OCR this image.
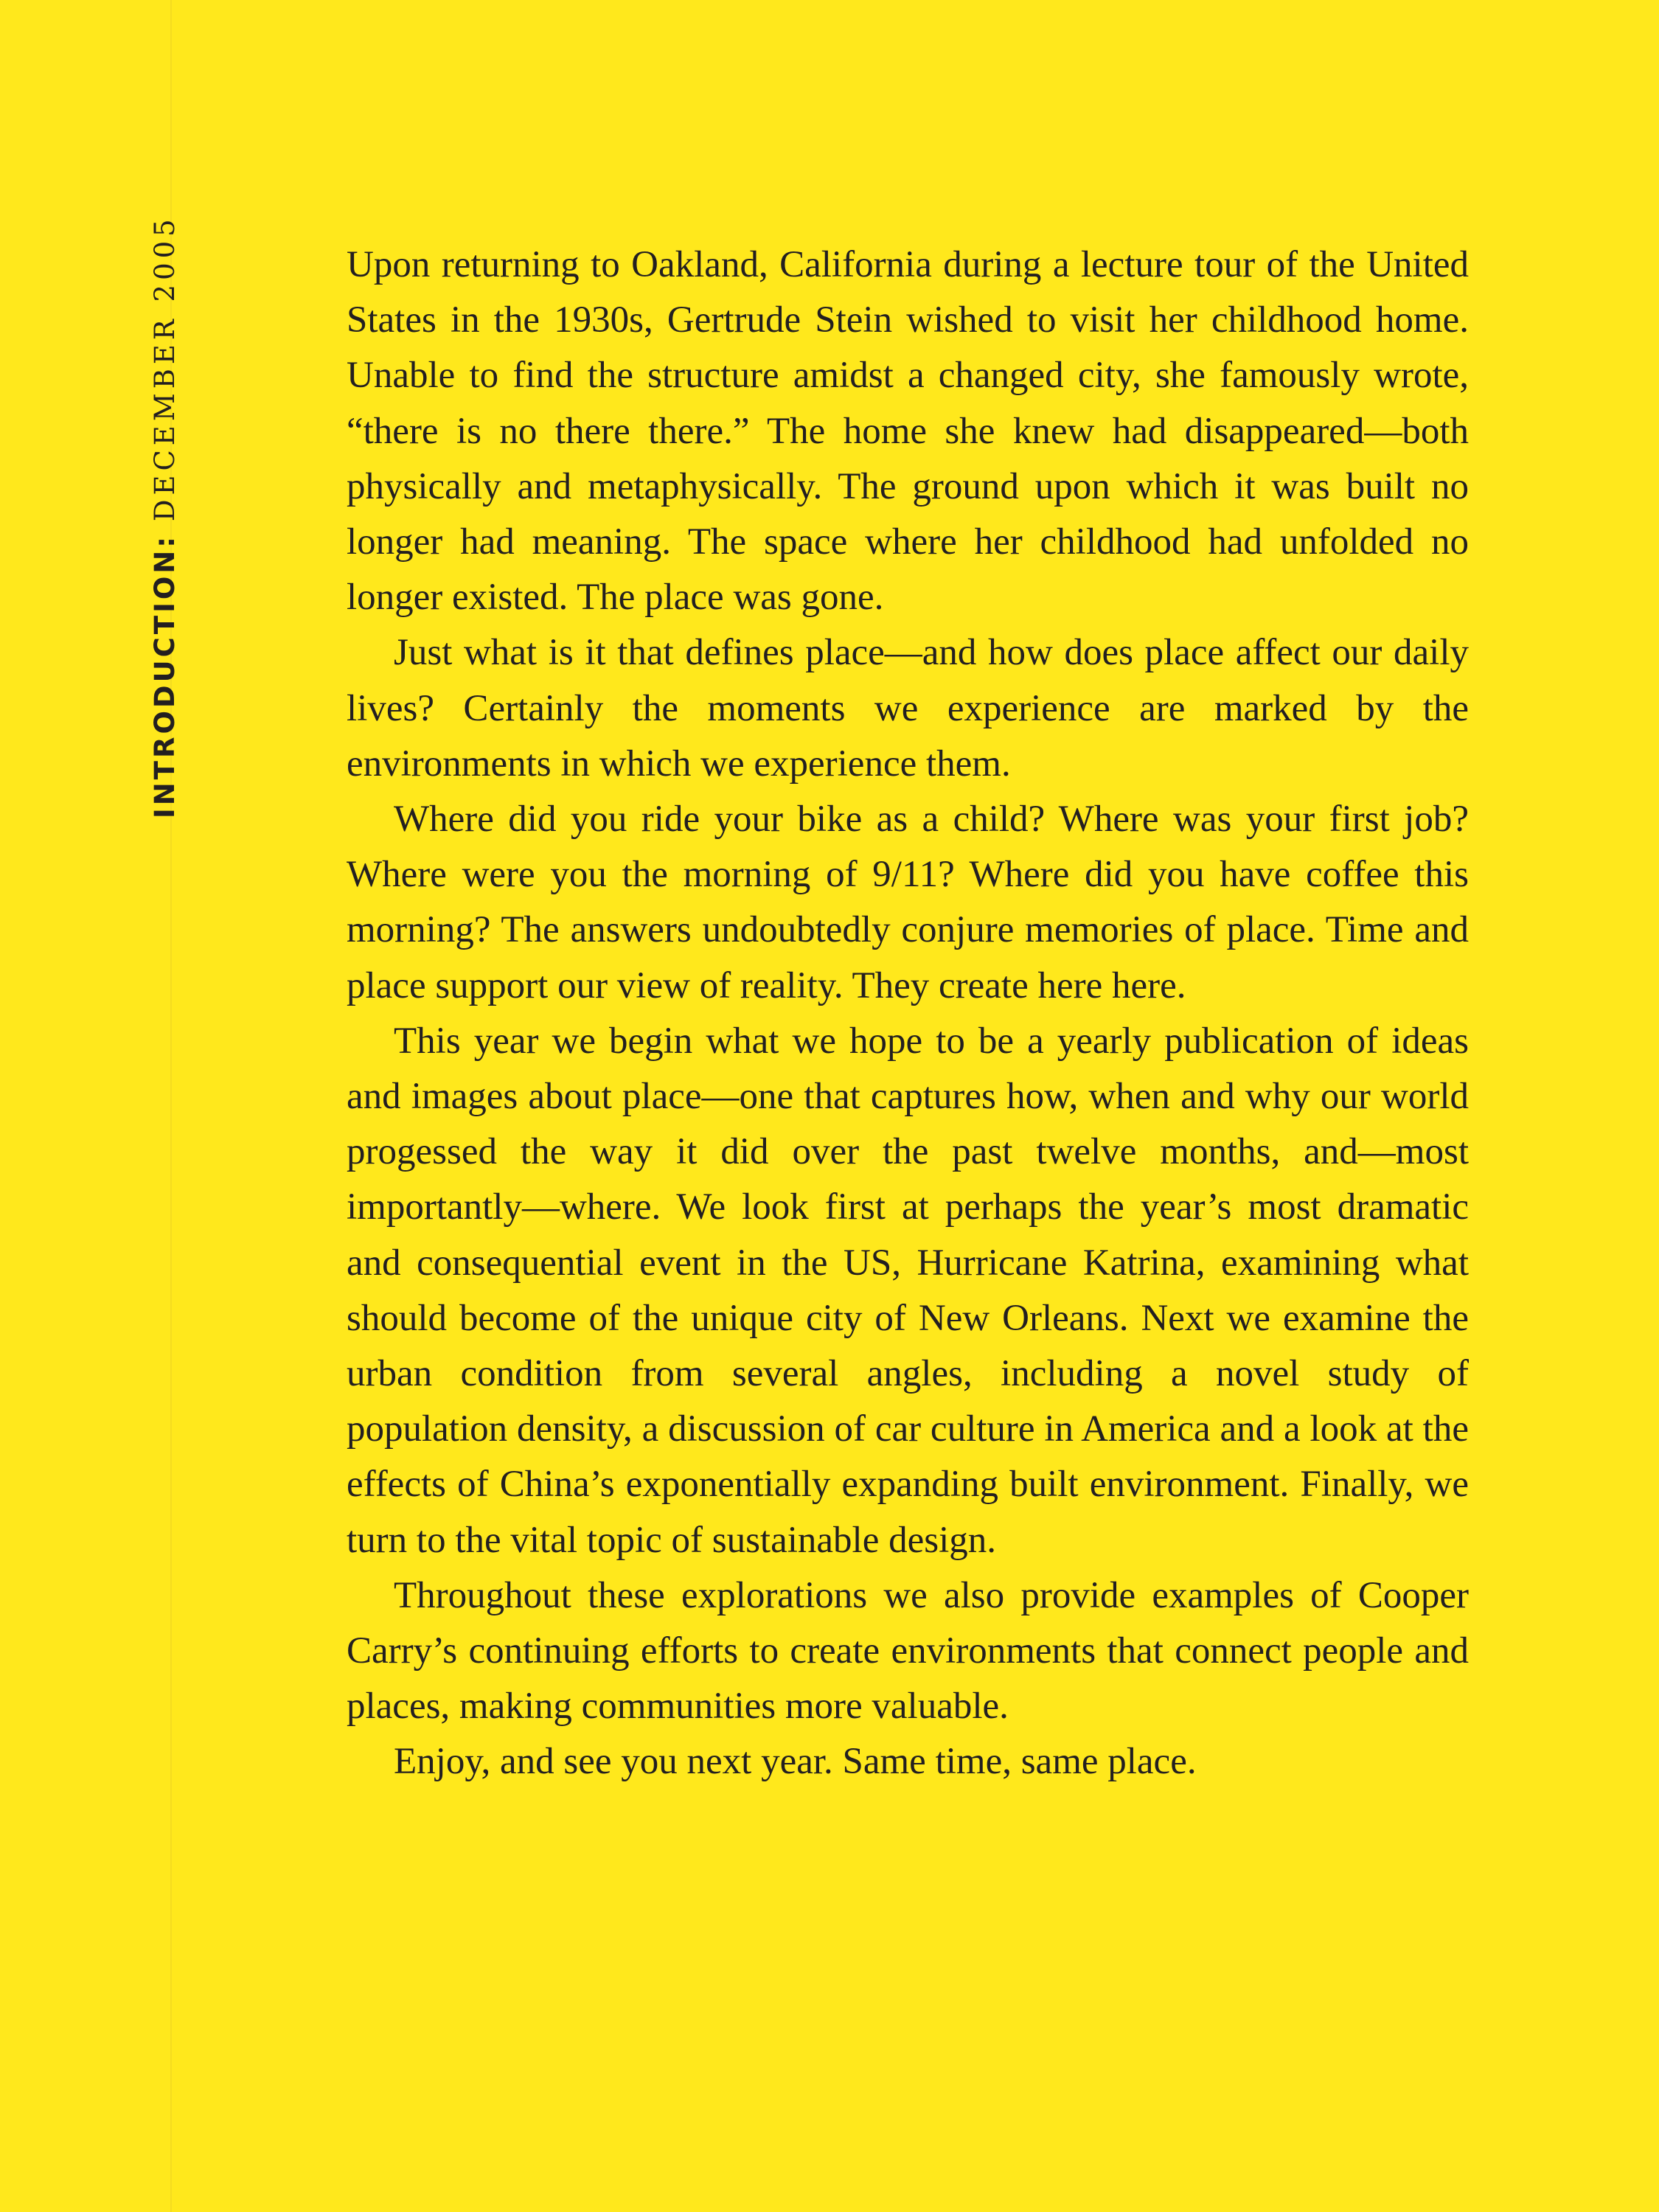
INTRODUCTION: DECEMBER 2005	Upon returning to Oakland, California during a lecture tour of the United States in the 1930s, Gertrude Stein wished to visit her childhood home. Unable to find the structure amidst a changed city, she famously wrote, “there is no there there.” The home she knew had disappeared—both physically and metaphysically. The ground upon which it was built no longer had meaning. The space where her childhood had unfolded no longer existed. The place was gone.

Just what is it that defines place—and how does place affect our daily lives? Certainly the moments we experience are marked by the environments in which we experience them.

Where did you ride your bike as a child? Where was your first job? Where were you the morning of 9/11? Where did you have coffee this morning? The answers undoubtedly conjure memories of place. Time and place support our view of reality. They create here here.

This year we begin what we hope to be a yearly publication of ideas and images about place—one that captures how, when and why our world progessed the way it did over the past twelve months, and—most importantly—where. We look first at perhaps the year’s most dramatic and consequential event in the US, Hurricane Katrina, examining what should become of the unique city of New Orleans. Next we examine the urban condition from several angles, including a novel study of population density, a discussion of car culture in America and a look at the effects of China’s exponentially expanding built environment. Finally, we turn to the vital topic of sustainable design.

Throughout these explorations we also provide examples of Cooper Carry’s continuing efforts to create environments that connect people and places, making communities more valuable.

Enjoy, and see you next year. Same time, same place.
